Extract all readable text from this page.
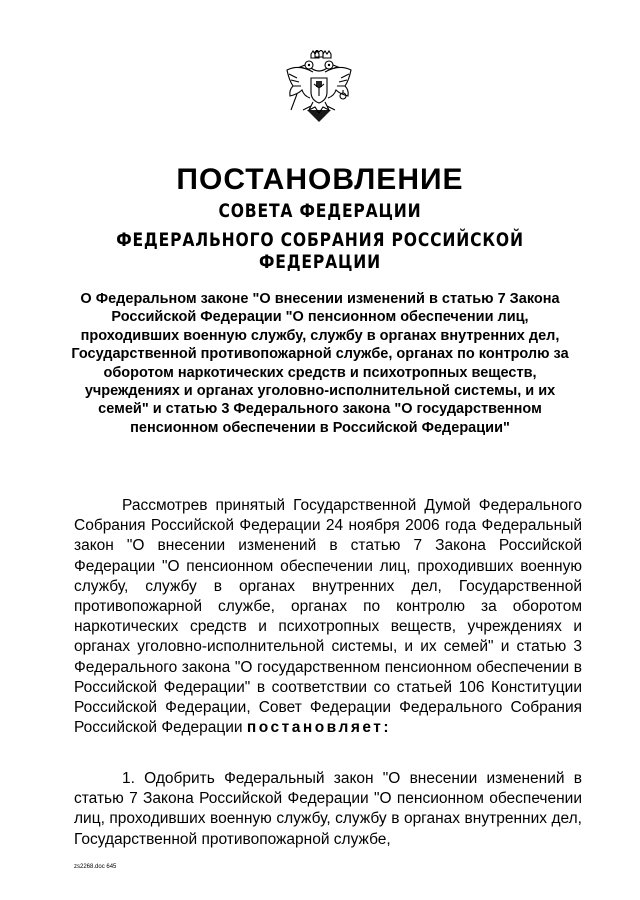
ПОСТАНОВЛЕНИЕ
СОВЕТА ФЕДЕРАЦИИ
ФЕДЕРАЛЬНОГО СОБРАНИЯ РОССИЙСКОЙ ФЕДЕРАЦИИ
О Федеральном законе "О внесении изменений в статью 7 Закона Российской Федерации "О пенсионном обеспечении лиц, проходивших военную службу, службу в органах внутренних дел, Государственной противопожарной службе, органах по контролю за оборотом наркотических средств и психотропных веществ, учреждениях и органах уголовно-исполнительной системы, и их семей" и статью 3 Федерального закона "О государственном пенсионном обеспечении в Российской Федерации"
Рассмотрев принятый Государственной Думой Федерального Собрания Российской Федерации 24 ноября 2006 года Федеральный закон "О внесении изменений в статью 7 Закона Российской Федерации "О пенсионном обеспечении лиц, проходивших военную службу, службу в органах внутренних дел, Государственной противопожарной службе, органах по контролю за оборотом наркотических средств и психотропных веществ, учреждениях и органах уголовно-исполнительной системы, и их семей" и статью 3 Федерального закона "О государственном пенсионном обеспечении в Российской Федерации" в соответствии со статьей 106 Конституции Российской Федерации, Совет Федерации Федерального Собрания Российской Федерации постановляет:
1. Одобрить Федеральный закон "О внесении изменений в статью 7 Закона Российской Федерации "О пенсионном обеспечении лиц, проходивших военную службу, службу в органах внутренних дел, Государственной противопожарной службе,
zs2268.doc 645
